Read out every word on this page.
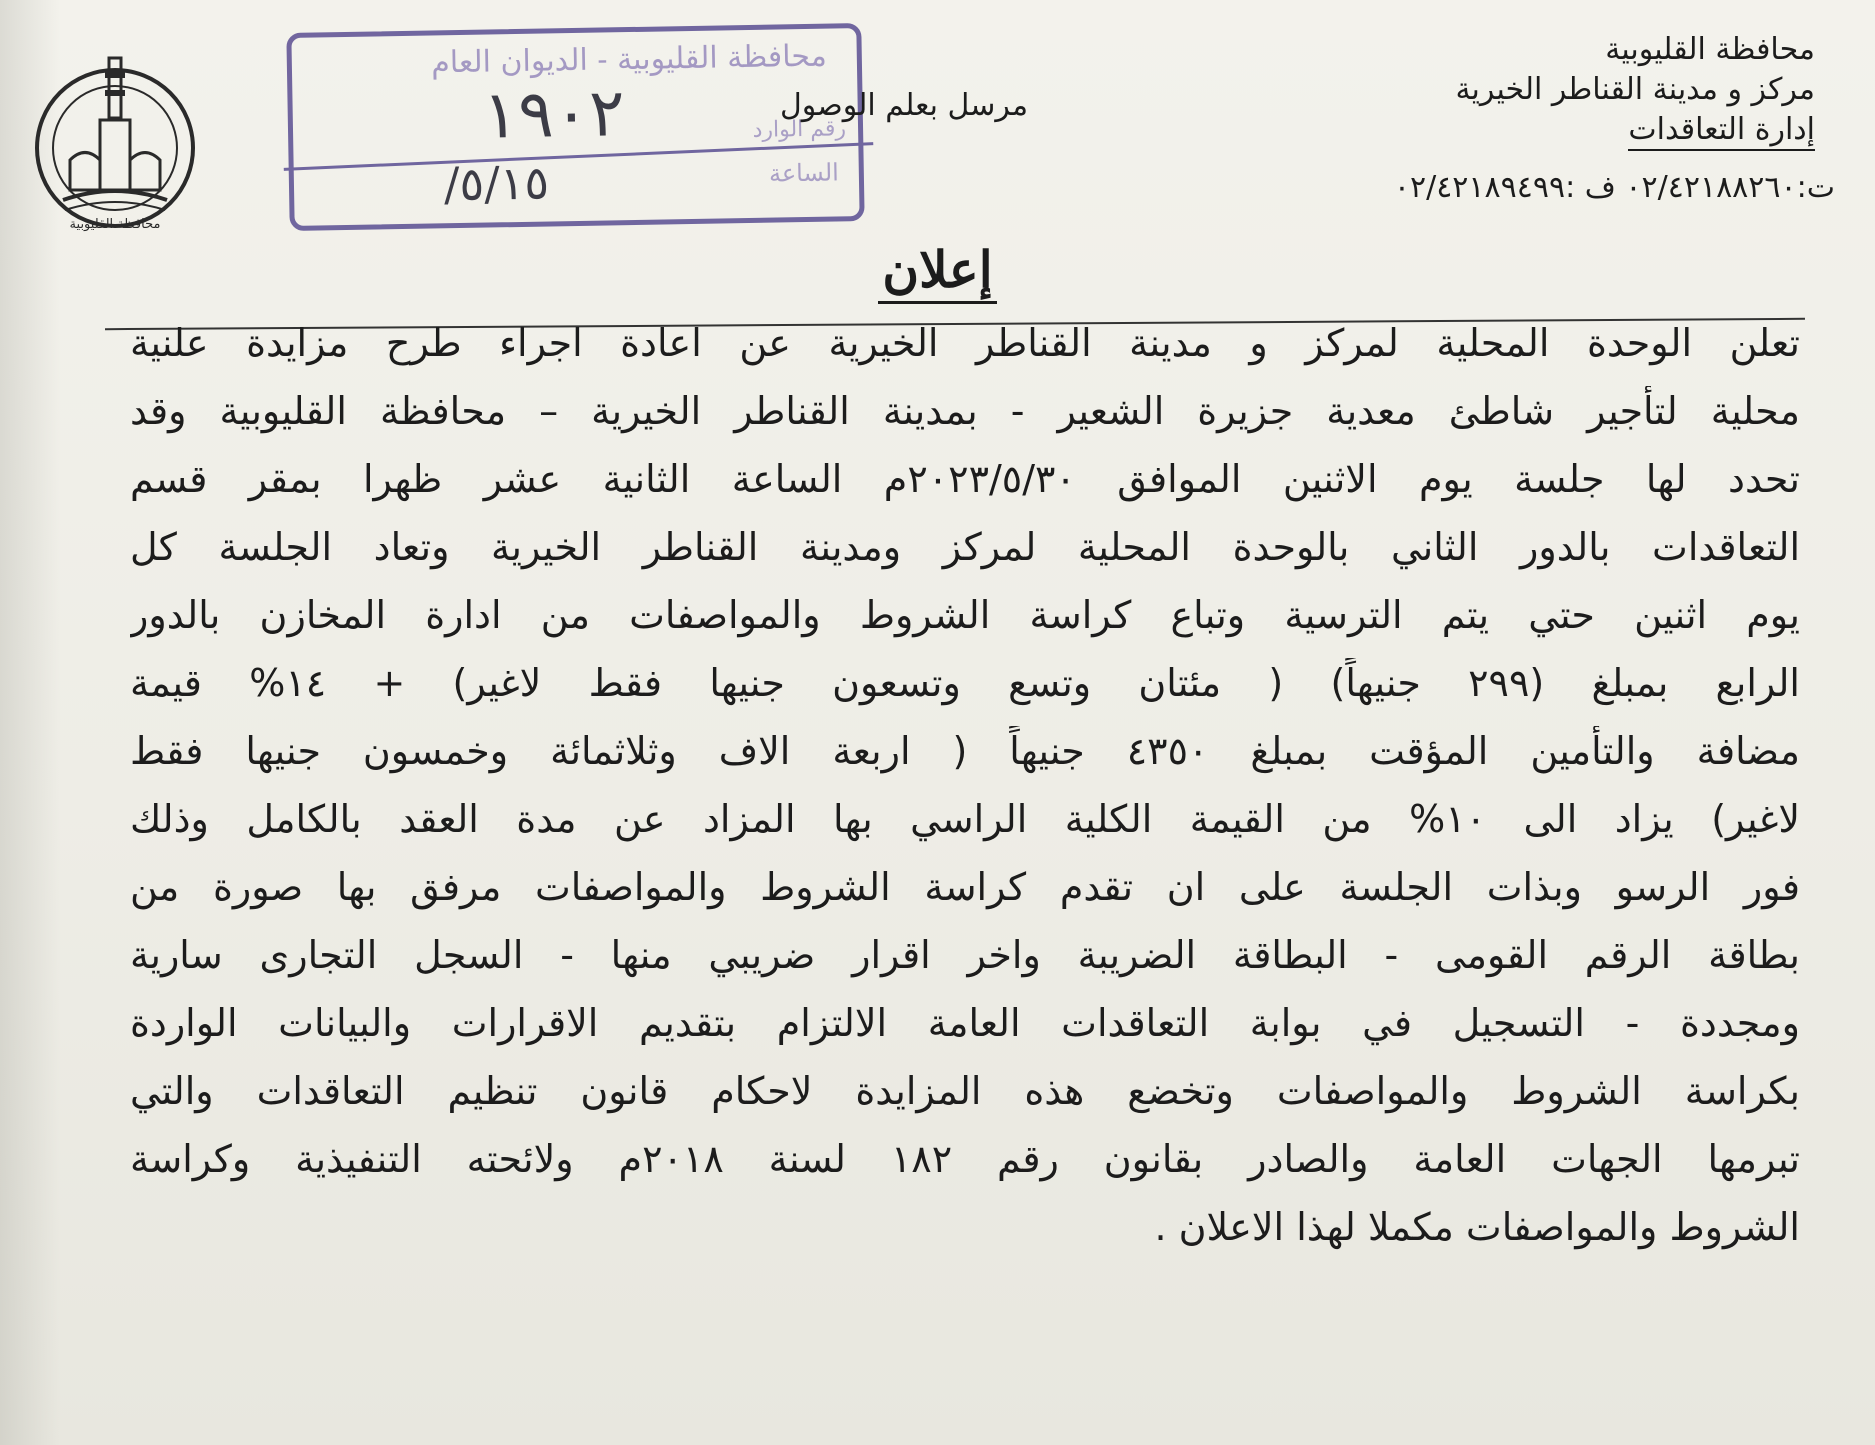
محافظة القليوبية
محافظة القليوبية - الديوان العام
رقم الوارد
١٩٠٢
الساعة
/٥/١٥
مرسل بعلم الوصول
محافظة القليوبية
مركز و مدينة القناطر الخيرية
إدارة التعاقدات
ت:٠٢/٤٢١٨٨٢٦٠ ف :٠٢/٤٢١٨٩٤٩٩
إعلان
تعلن الوحدة المحلية لمركز و مدينة القناطر الخيرية عن اعادة اجراء طرح مزايدة علنية
محلية لتأجير شاطئ معدية جزيرة الشعير - بمدينة القناطر الخيرية – محافظة القليوبية وقد
تحدد لها جلسة يوم الاثنين الموافق ٢٠٢٣/٥/٣٠م الساعة الثانية عشر ظهرا بمقر قسم
التعاقدات بالدور الثاني بالوحدة المحلية لمركز ومدينة القناطر الخيرية وتعاد الجلسة كل
يوم اثنين حتي يتم الترسية وتباع كراسة الشروط والمواصفات من ادارة المخازن بالدور
الرابع بمبلغ (٢٩٩ جنيهاً) ( مئتان وتسع وتسعون جنيها فقط لاغير) + ١٤% قيمة
مضافة والتأمين المؤقت بمبلغ ٤٣٥٠ جنيهاً ( اربعة الاف وثلاثمائة وخمسون جنيها فقط
لاغير) يزاد الى ١٠% من القيمة الكلية الراسي بها المزاد عن مدة العقد بالكامل وذلك
فور الرسو وبذات الجلسة على ان تقدم كراسة الشروط والمواصفات مرفق بها صورة من
بطاقة الرقم القومى - البطاقة الضريبة واخر اقرار ضريبي منها - السجل التجارى سارية
ومجددة - التسجيل في بوابة التعاقدات العامة الالتزام بتقديم الاقرارات والبيانات الواردة
بكراسة الشروط والمواصفات وتخضع هذه المزايدة لاحكام قانون تنظيم التعاقدات والتي
تبرمها الجهات العامة والصادر بقانون رقم ١٨٢ لسنة ٢٠١٨م ولائحته التنفيذية وكراسة
الشروط والمواصفات مكملا لهذا الاعلان .
